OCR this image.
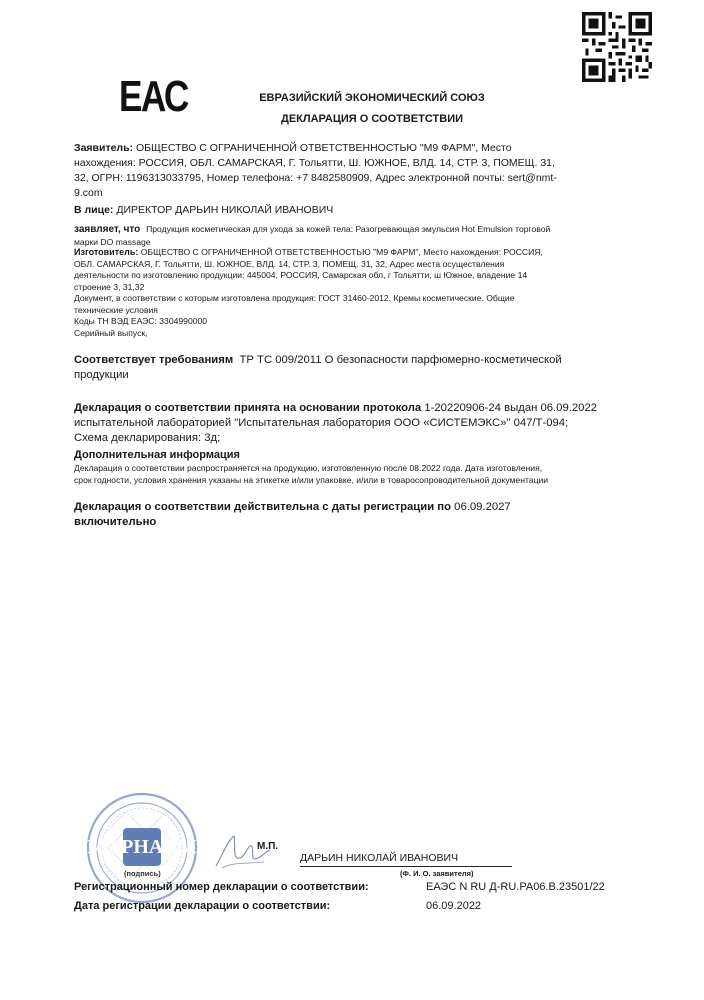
ЕАС	ЕВРАЗИЙСКИЙ ЭКОНОМИЧЕСКИЙ СОЮЗ
ДЕКЛАРАЦИЯ О СООТВЕТСТВИИ
Заявитель: ОБЩЕСТВО С ОГРАНИЧЕННОЙ ОТВЕТСТВЕННОСТЬЮ "М9 ФАРМ", Место
нахождения: РОССИЯ, ОБЛ. САМАРСКАЯ, Г. Тольятти, Ш. ЮЖНОЕ, ВЛД. 14, СТР. 3, ПОМЕЩ. 31,
32, ОГРН: 1196313033795, Номер телефона: +7 8482580909, Адрес электронной почты: sert@nmt-
9.com
В лице: ДИРЕКТОР ДАРЬИН НИКОЛАЙ ИВАНОВИЧ
заявляет, что Продукция косметическая для ухода за кожей тела: Разогревающая эмульсия Hot Emulsion торговой
марки DO massage
Изготовитель: ОБЩЕСТВО С ОГРАНИЧЕННОЙ ОТВЕТСТВЕННОСТЬЮ "М9 ФАРМ", Место нахождения: РОССИЯ,
ОБЛ. САМАРСКАЯ, Г. Тольятти, Ш. ЮЖНОЕ, ВЛД. 14, СТР. 3, ПОМЕЩ. 31, 32, Адрес места осуществления
деятельности по изготовлению продукции: 445004, РОССИЯ, Самарская обл, г Тольятти, ш Южное, владение 14
строение 3, 31,32
Документ, в соответствии с которым изготовлена продукция: ГОСТ 31460-2012. Кремы косметические. Общие
технические условия
Коды ТН ВЭД ЕАЭС: 3304990000
Серийный выпуск,
Соответствует требованиям ТР ТС 009/2011 О безопасности парфюмерно-косметической
продукции
Декларация о соответствии принята на основании протокола 1-20220906-24 выдан 06.09.2022
испытательной лабораторией "Испытательная лаборатория ООО «СИСТЕМЭКС»" 047/Т-094;
Схема декларирования: 3д;
Дополнительная информация
Декларация о соответствии распространяется на продукцию, изготовленную после 08.2022 года. Дата изготовления,
срок годности, условия хранения указаны на этикетке и/или упаковке, и/или в товаросопроводительной документации
Декларация о соответствии действительна с даты регистрации по 06.09.2027
включительно
М9 PHARM	М.П.
ДАРЬИН НИКОЛАЙ ИВАНОВИЧ
(Ф. И. О. заявителя)
(подпись)
Регистрационный номер декларации о соответствии:	ЕАЭС N RU Д-RU.PA06.B.23501/22
Дата регистрации декларации о соответствии:	06.09.2022
